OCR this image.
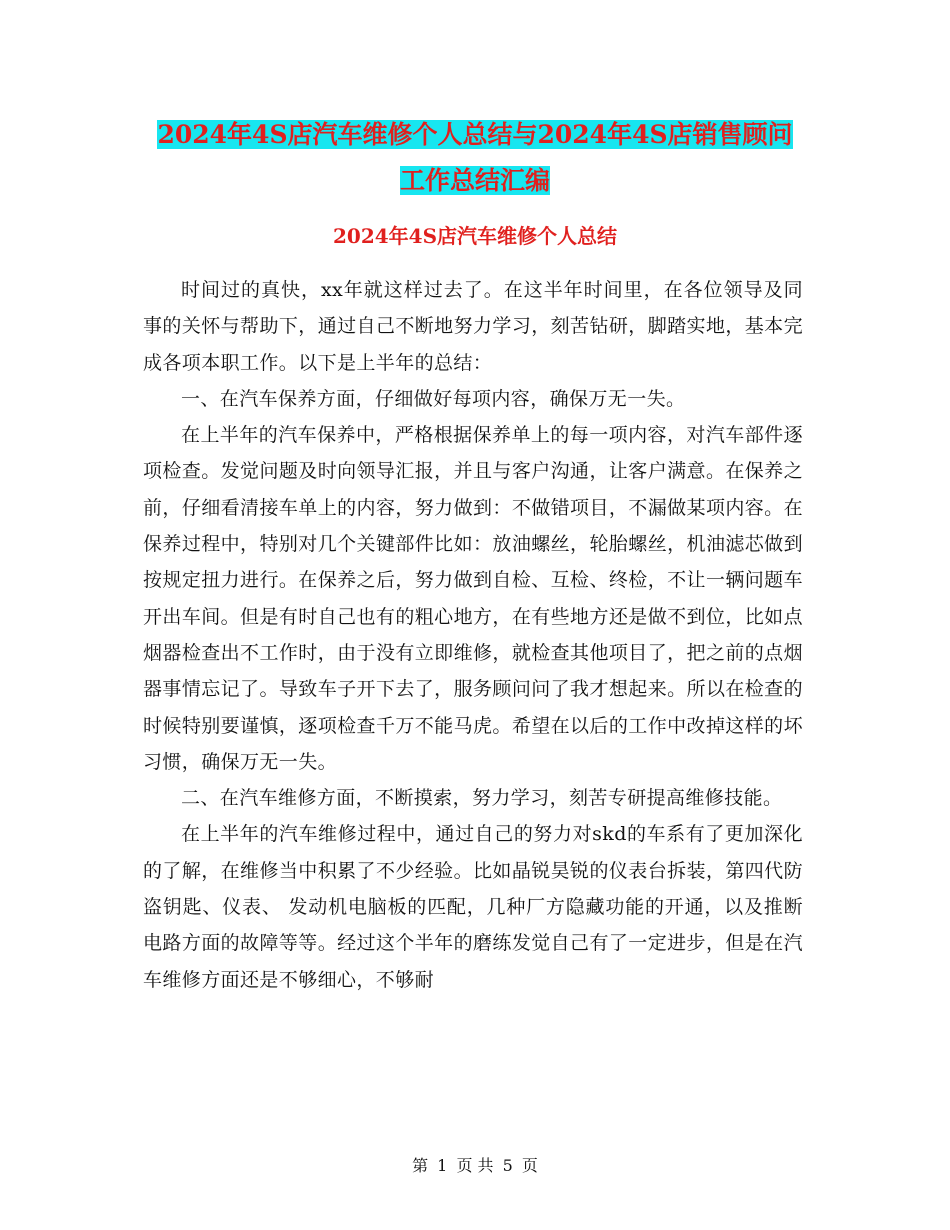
2024年4S店汽车维修个人总结与2024年4S店销售顾问工作总结汇编
2024年4S店汽车维修个人总结

时间过的真快，xx年就这样过去了。在这半年时间里，在各位领导及同事的关怀与帮助下，通过自己不断地努力学习，刻苦钻研，脚踏实地，基本完成各项本职工作。以下是上半年的总结：

一、在汽车保养方面，仔细做好每项内容，确保万无一失。

在上半年的汽车保养中，严格根据保养单上的每一项内容，对汽车部件逐项检查。发觉问题及时向领导汇报，并且与客户沟通，让客户满意。在保养之前，仔细看清接车单上的内容，努力做到：不做错项目，不漏做某项内容。在保养过程中，特别对几个关键部件比如：放油螺丝，轮胎螺丝，机油滤芯做到按规定扭力进行。在保养之后，努力做到自检、互检、终检，不让一辆问题车开出车间。但是有时自己也有的粗心地方，在有些地方还是做不到位，比如点烟器检查出不工作时，由于没有立即维修，就检查其他项目了，把之前的点烟器事情忘记了。导致车子开下去了，服务顾问问了我才想起来。所以在检查的时候特别要谨慎，逐项检查千万不能马虎。希望在以后的工作中改掉这样的坏习惯，确保万无一失。

二、在汽车维修方面，不断摸索，努力学习，刻苦专研提高维修技能。

在上半年的汽车维修过程中，通过自己的努力对skd的车系有了更加深化的了解，在维修当中积累了不少经验。比如晶锐昊锐的仪表台拆装，第四代防盗钥匙、仪表、 发动机电脑板的匹配，几种厂方隐藏功能的开通，以及推断电路方面的故障等等。经过这个半年的磨练发觉自己有了一定进步，但是在汽车维修方面还是不够细心，不够耐

第 1 页 共 5 页
